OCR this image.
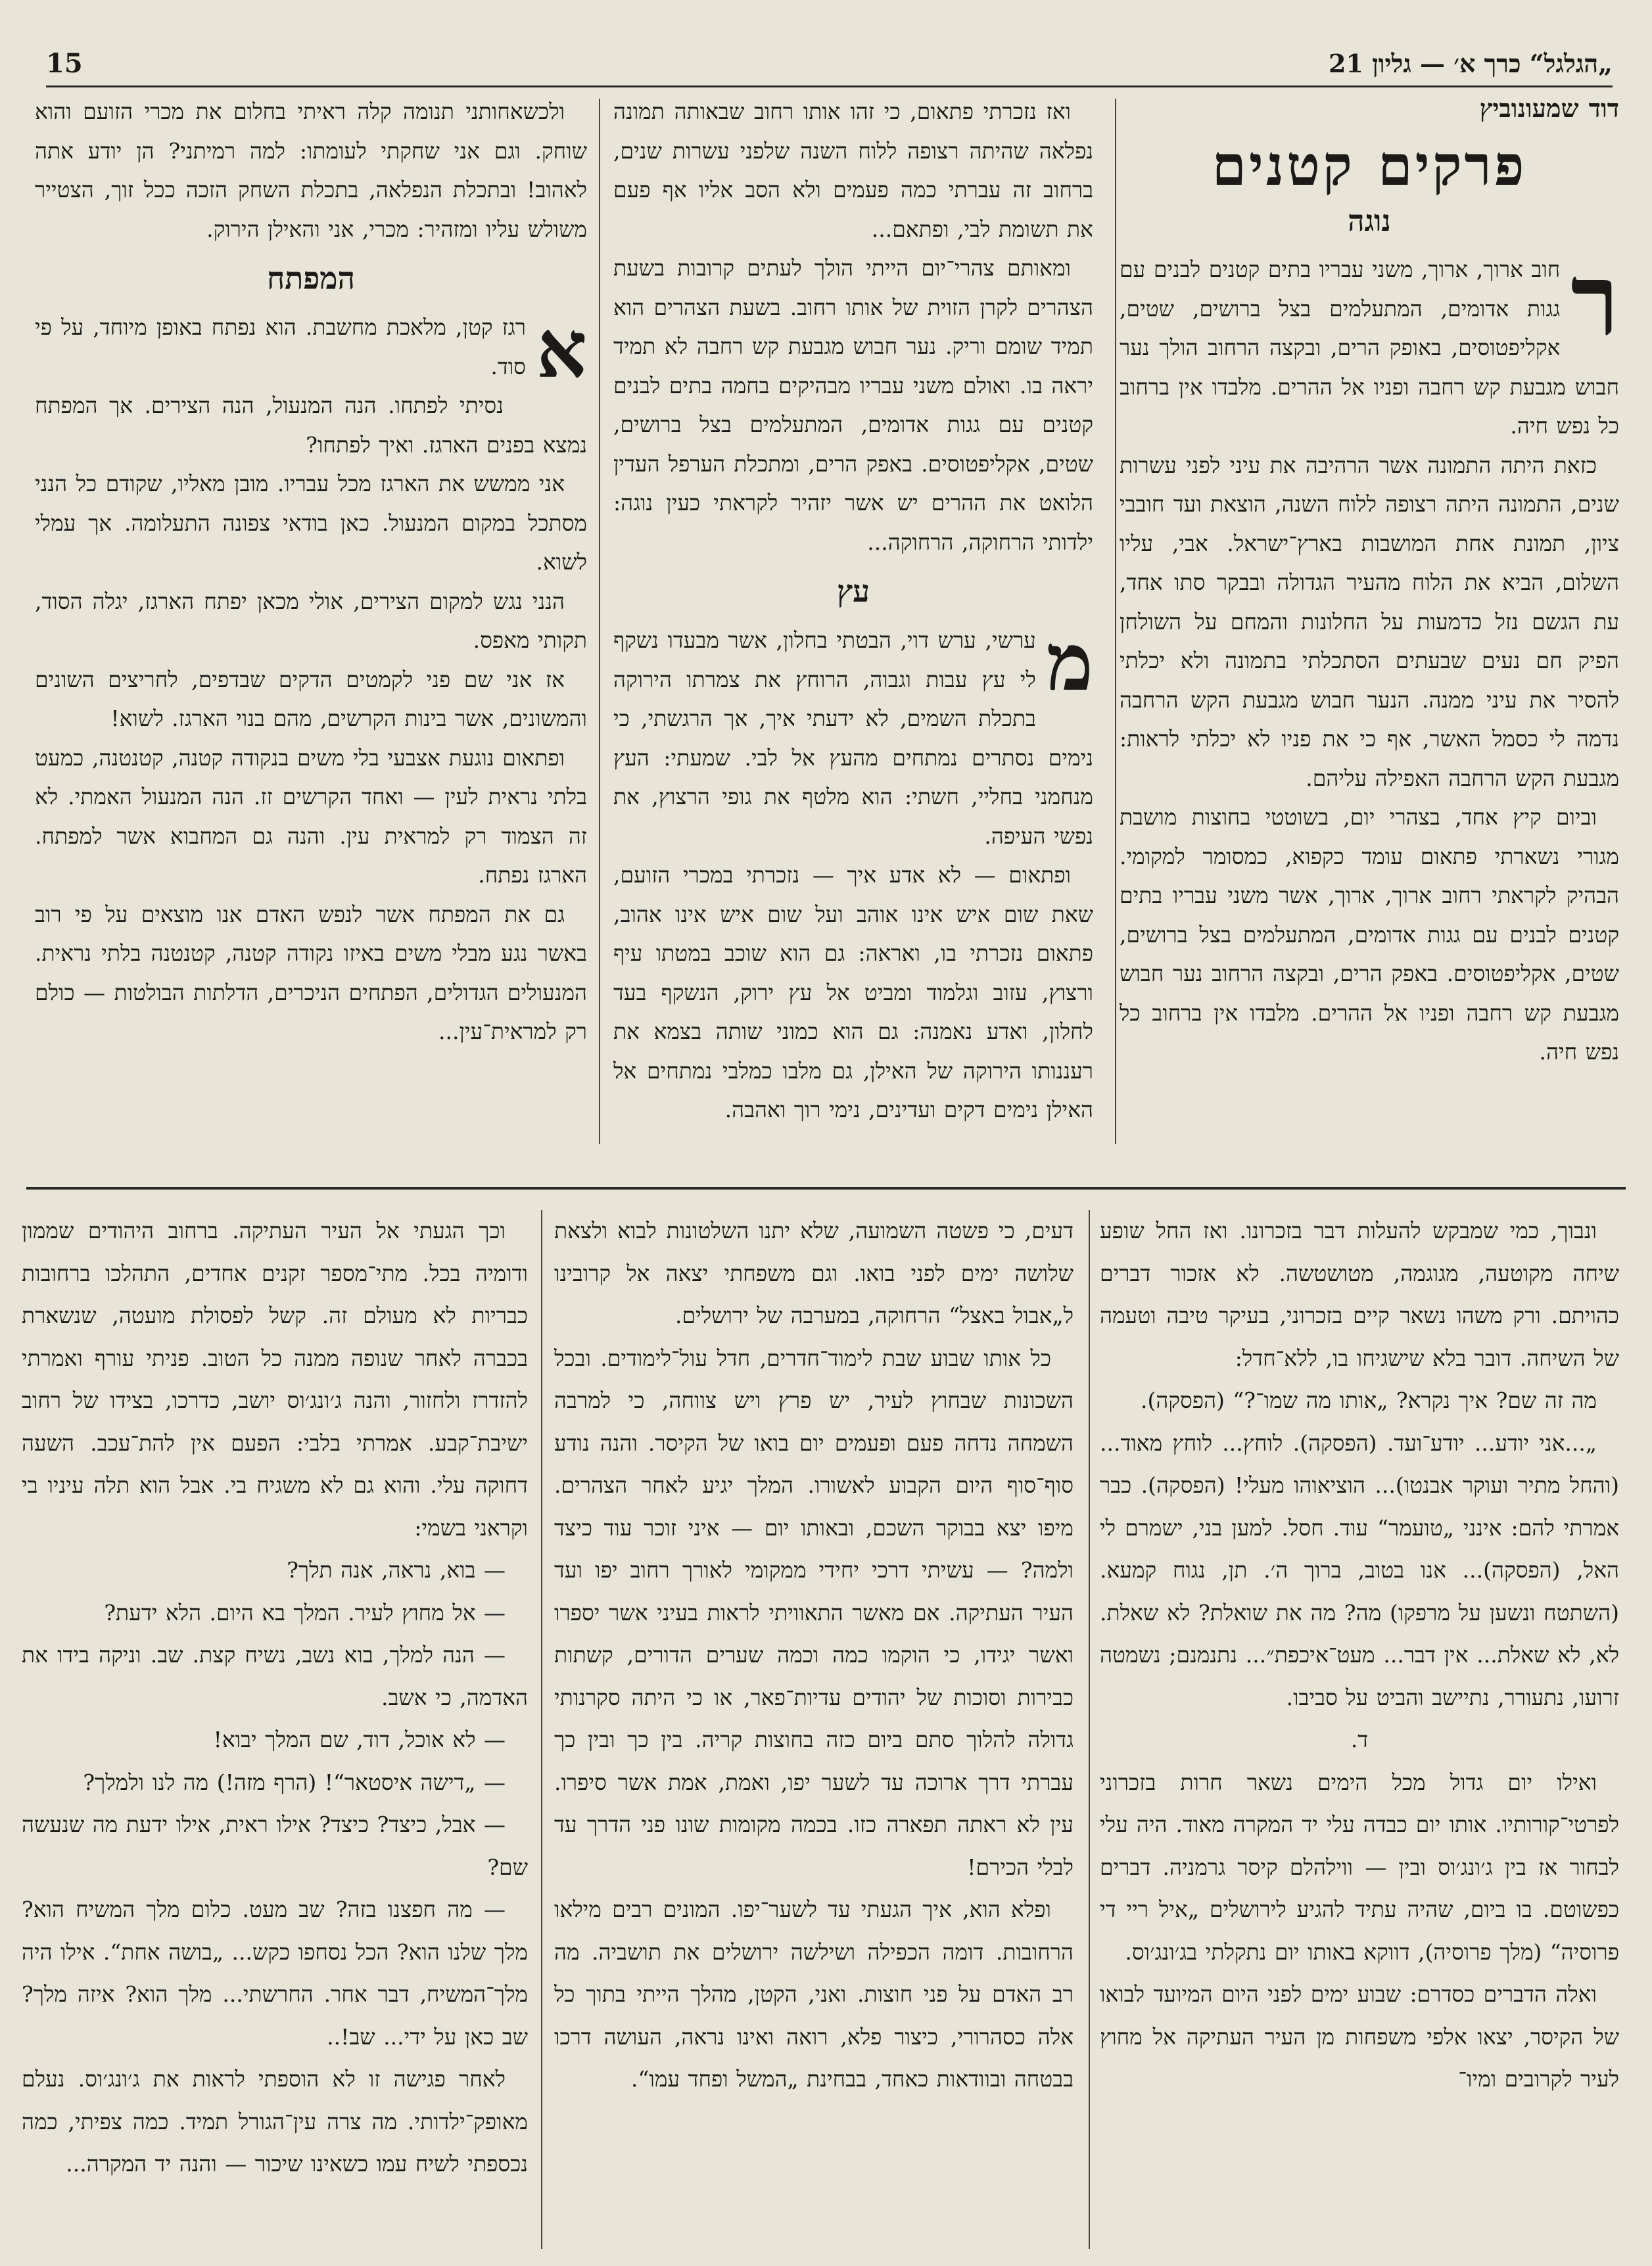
15	„הגלגל“ כרך א׳ — גליון 21
דוד שמעונוביץ
פרקים קטנים
נוגה
ר

חוב ארוך, ארוך, משני עבריו בתים קטנים לבנים עם גגות אדומים, המתעלמים בצל ברושים, שטים, אקליפטוסים, באופק הרים, ובקצה הרחוב הולך נער חבוש מגבעת קש רחבה ופניו אל ההרים. מלבדו אין ברחוב כל נפש חיה.

כזאת היתה התמונה אשר הרהיבה את עיני לפני עשרות שנים, התמונה היתה רצופה ללוח השנה, הוצאת ועד חובבי ציון, תמונת אחת המושבות בארץ־ישראל. אבי, עליו השלום, הביא את הלוח מהעיר הגדולה ובבקר סתו אחד, עת הגשם נזל כדמעות על החלונות והמחם על השולחן הפיק חם נעים שבעתים הסתכלתי בתמונה ולא יכלתי להסיר את עיני ממנה. הנער חבוש מגבעת הקש הרחבה נדמה לי כסמל האשר, אף כי את פניו לא יכלתי לראות: מגבעת הקש הרחבה האפילה עליהם.

וביום קיץ אחד, בצהרי יום, בשוטטי בחוצות מושבת מגורי נשארתי פתאום עומד כקפוא, כמסומר למקומי. הבהיק לקראתי רחוב ארוך, ארוך, אשר משני עבריו בתים קטנים לבנים עם גגות אדומים, המתעלמים בצל ברושים, שטים, אקליפטוסים. באפק הרים, ובקצה הרחוב נער חבוש מגבעת קש רחבה ופניו אל ההרים. מלבדו אין ברחוב כל נפש חיה.

ואז נזכרתי פתאום, כי זהו אותו רחוב שבאותה תמונה נפלאה שהיתה רצופה ללוח השנה שלפני עשרות שנים, ברחוב זה עברתי כמה פעמים ולא הסב אליו אף פעם את תשומת לבי, ופתאם...

ומאותם צהרי־יום הייתי הולך לעתים קרובות בשעת הצהרים לקרן הזוית של אותו רחוב. בשעת הצהרים הוא תמיד שומם וריק. נער חבוש מגבעת קש רחבה לא תמיד יראה בו. ואולם משני עבריו מבהיקים בחמה בתים לבנים קטנים עם גגות אדומים, המתעלמים בצל ברושים, שטים, אקליפטוסים. באפק הרים, ומתכלת הערפל העדין הלואט את ההרים יש אשר יזהיר לקראתי כעין נוגה: ילדותי הרחוקה, הרחוקה...

עץ
מ

ערשי, ערש דוי, הבטתי בחלון, אשר מבעדו נשקף לי עץ עבות וגבוה, הרוחץ את צמרתו הירוקה בתכלת השמים, לא ידעתי איך, אך הרגשתי, כי נימים נסתרים נמתחים מהעץ אל לבי. שמעתי: העץ מנחמני בחליי, חשתי: הוא מלטף את גופי הרצוץ, את נפשי העיפה.

ופתאום — לא אדע איך — נזכרתי במכרי הזועם, שאת שום איש אינו אוהב ועל שום איש אינו אהוב, פתאום נזכרתי בו, ואראה: גם הוא שוכב במטתו עיף ורצוץ, עזוב וגלמוד ומביט אל עץ ירוק, הנשקף בעד לחלון, ואדע נאמנה: גם הוא כמוני שותה בצמא את רעננותו הירוקה של האילן, גם מלבו כמלבי נמתחים אל האילן נימים דקים ועדינים, נימי רוך ואהבה.

ולכשאחותני תנומה קלה ראיתי בחלום את מכרי הזועם והוא שוחק. וגם אני שחקתי לעומתו: למה רמיתני? הן יודע אתה לאהוב! ובתכלת הנפלאה, בתכלת השחק הזכה ככל זוך, הצטייר משולש עליו ומזהיר: מכרי, אני והאילן הירוק.

המפתח
א

רגז קטן, מלאכת מחשבת. הוא נפתח באופן מיוחד, על פי סוד.

נסיתי לפתחו. הנה המנעול, הנה הצירים. אך המפתח נמצא בפנים הארגז. ואיך לפתחו?

אני ממשש את הארגז מכל עבריו. מובן מאליו, שקודם כל הנני מסתכל במקום המנעול. כאן בודאי צפונה התעלומה. אך עמלי לשוא.

הנני נגש למקום הצירים, אולי מכאן יפתח הארגז, יגלה הסוד, תקותי מאפס.

אז אני שם פני לקמטים הדקים שבדפים, לחריצים השונים והמשונים, אשר בינות הקרשים, מהם בנוי הארגז. לשוא!

ופתאום נוגעת אצבעי בלי משים בנקודה קטנה, קטנטנה, כמעט בלתי נראית לעין — ואחד הקרשים זז. הנה המנעול האמתי. לא זה הצמוד רק למראית עין. והנה גם המחבוא אשר למפתח. הארגז נפתח.

גם את המפתח אשר לנפש האדם אנו מוצאים על פי רוב באשר נגע מבלי משים באיזו נקודה קטנה, קטנטנה בלתי נראית. המנעולים הגדולים, הפתחים הניכרים, הדלתות הבולטות — כולם רק למראית־עין...

ונבוך, כמי שמבקש להעלות דבר בזכרונו. ואז החל שופע שיחה מקוטעה, מגוגמה, מטושטשה. לא אזכור דברים כהויתם. ורק משהו נשאר קיים בזכרוני, בעיקר טיבה וטעמה של השיחה. דובר בלא שישגיחו בו, ללא־חדל:

מה זה שם? איך נקרא? „אותו מה שמו־?“ (הפסקה).

„...אני יודע... יודע־ועד. (הפסקה). לוחץ... לוחץ מאוד... (והחל מתיר ועוקר אבנטו)... הוציאוהו מעלי! (הפסקה). כבר אמרתי להם: אינני „טועמר“ עוד. חסל. למען בני, ישמרם לי האל, (הפסקה)... אנו בטוב, ברוך ה׳. תן, נגוח קמעא. (השתטח ונשען על מרפקו) מה? מה את שואלת? לא שאלת. לא, לא שאלת... אין דבר... מעט־איכפת״... נתנמנם; נשמטה זרועו, נתעורר, נתיישב והביט על סביבו.

ד.

ואילו יום גדול מכל הימים נשאר חרות בזכרוני לפרטי־קורותיו. אותו יום כבדה עלי יד המקרה מאוד. היה עלי לבחור אז בין ג׳ונג׳וס ובין — ווילהלם קיסר גרמניה. דברים כפשוטם. בו ביום, שהיה עתיד להגיע לירושלים „איל ריי די פרוסיה“ (מלך פרוסיה), דווקא באותו יום נתקלתי בג׳ונג׳וס.

ואלה הדברים כסדרם: שבוע ימים לפני היום המיועד לבואו של הקיסר, יצאו אלפי משפחות מן העיר העתיקה אל מחוץ לעיר לקרובים ומיו־

דעים, כי פשטה השמועה, שלא יתנו השלטונות לבוא ולצאת שלושה ימים לפני בואו. וגם משפחתי יצאה אל קרובינו ל„אבול באצל“ הרחוקה, במערבה של ירושלים.

כל אותו שבוע שבת לימוד־חדרים, חדל עול־לימודים. ובכל השכונות שבחוץ לעיר, יש פרץ ויש צווחה, כי למרבה השמחה נדחה פעם ופעמים יום בואו של הקיסר. והנה נודע סוף־סוף היום הקבוע לאשורו. המלך יגיע לאחר הצהרים. מיפו יצא בבוקר השכם, ובאותו יום — איני זוכר עוד כיצד ולמה? — עשיתי דרכי יחידי ממקומי לאורך רחוב יפו ועד העיר העתיקה. אם מאשר התאוויתי לראות בעיני אשר יספרו ואשר יגידו, כי הוקמו כמה וכמה שערים הדורים, קשתות כבירות וסוכות של יהודים עדיות־פאר, או כי היתה סקרנותי גדולה להלוך סתם ביום כזה בחוצות קריה. בין כך ובין כך עברתי דרך ארוכה עד לשער יפו, ואמת, אמת אשר סיפרו. עין לא ראתה תפארה כזו. בכמה מקומות שונו פני הדרך עד לבלי הכירם!

ופלא הוא, איך הגעתי עד לשער־יפו. המונים רבים מילאו הרחובות. דומה הכפילה ושילשה ירושלים את תושביה. מה רב האדם על פני חוצות. ואני, הקטן, מהלך הייתי בתוך כל אלה כסהרורי, כיצור פלא, רואה ואינו נראה, העושה דרכו בבטחה ובוודאות כאחד, בבחינת „המשל ופחד עמו“.

וכך הגעתי אל העיר העתיקה. ברחוב היהודים שממון ודומיה בכל. מתי־מספר זקנים אחדים, התהלכו ברחובות כבריות לא מעולם זה. קשל לפסולת מועטה, שנשארת בכברה לאחר שנופה ממנה כל הטוב. פניתי עורף ואמרתי להזדרז ולחזור, והנה ג׳ונג׳וס יושב, כדרכו, בצידו של רחוב ישיבת־קבע. אמרתי בלבי: הפעם אין להת־עכב. השעה דחוקה עלי. והוא גם לא משגיח בי. אבל הוא תלה עיניו בי וקראני בשמי:

— בוא, נראה, אנה תלך?

— אל מחוץ לעיר. המלך בא היום. הלא ידעת?

— הנה למלך, בוא נשב, נשיח קצת. שב. וניקה בידו את האדמה, כי אשב.

— לא אוכל, דוד, שם המלך יבוא!

— „דישה איסטאר“! (הרף מזה!) מה לנו ולמלך?

— אבל, כיצד? כיצד? אילו ראית, אילו ידעת מה שנעשה שם?

— מה חפצנו בזה? שב מעט. כלום מלך המשיח הוא? מלך שלנו הוא? הכל נסחפו כקש... „בושה אחת“. אילו היה מלך־המשיח, דבר אחר. החרשתי... מלך הוא? איזה מלך? שב כאן על ידי... שב!..

לאחר פגישה זו לא הוספתי לראות את ג׳ונג׳וס. נעלם מאופק־ילדותי. מה צרה עין־הגורל תמיד. כמה צפיתי, כמה נכספתי לשיח עמו כשאינו שיכור — והנה יד המקרה...
